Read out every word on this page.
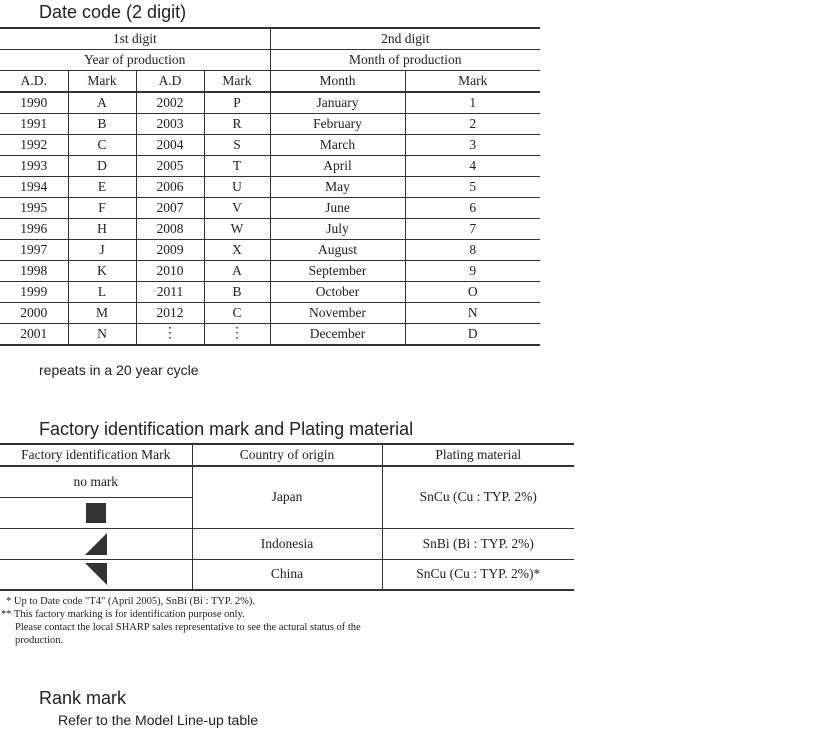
Date code (2 digit)
1st digit				2nd digit	
Year of production				Month of production	
A.D.	Mark	A.D	Mark	Month	Mark
1990	A	2002	P	January	1
1991	B	2003	R	February	2
1992	C	2004	S	March	3
1993	D	2005	T	April	4
1994	E	2006	U	May	5
1995	F	2007	V	June	6
1996	H	2008	W	July	7
1997	J	2009	X	August	8
1998	K	2010	A	September	9
1999	L	2011	B	October	O
2000	M	2012	C	November	N
2001	N	⋮	⋮	December	D
repeats in a 20 year cycle
Factory identification mark and Plating material
Factory identification Mark	Country of origin	Plating material
no mark	Japan	SnCu (Cu : TYP. 2%)

	Indonesia	SnBi (Bi : TYP. 2%)
	China	SnCu (Cu : TYP. 2%)*
* Up to Date code "T4" (April 2005), SnBi (Bi : TYP. 2%).
** This factory marking is for identification purpose only.
Please contact the local SHARP sales representative to see the actural status of the
production.
Rank mark
Refer to the Model Line-up table
